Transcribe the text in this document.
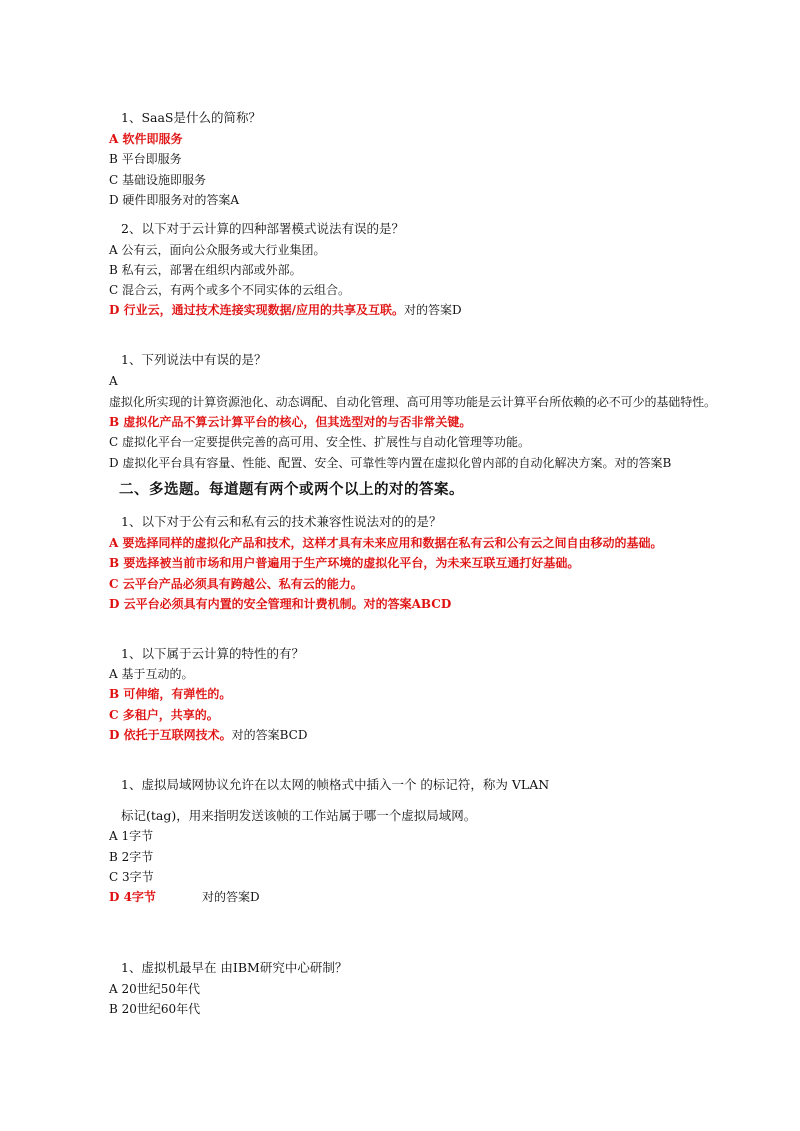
1、SaaS是什么的简称？
A 软件即服务
B 平台即服务
C 基础设施即服务
D 硬件即服务对的答案A
2、以下对于云计算的四种部署模式说法有误的是？
A 公有云，面向公众服务或大行业集团。
B 私有云，部署在组织内部或外部。
C 混合云，有两个或多个不同实体的云组合。
D 行业云，通过技术连接实现数据/应用的共享及互联。对的答案D
1、下列说法中有误的是？
A
虚拟化所实现的计算资源池化、动态调配、自动化管理、高可用等功能是云计算平台所依赖的必不可少的基础特性。
B 虚拟化产品不算云计算平台的核心，但其选型对的与否非常关键。
C 虚拟化平台一定要提供完善的高可用、安全性、扩展性与自动化管理等功能。
D 虚拟化平台具有容量、性能、配置、安全、可靠性等内置在虚拟化曾内部的自动化解决方案。对的答案B
二、多选题。每道题有两个或两个以上的对的答案。
1、以下对于公有云和私有云的技术兼容性说法对的的是？
A 要选择同样的虚拟化产品和技术，这样才具有未来应用和数据在私有云和公有云之间自由移动的基础。
B 要选择被当前市场和用户普遍用于生产环境的虚拟化平台，为未来互联互通打好基础。
C 云平台产品必须具有跨越公、私有云的能力。
D 云平台必须具有内置的安全管理和计费机制。对的答案ABCD
1、以下属于云计算的特性的有？
A 基于互动的。
B 可伸缩，有弹性的。
C 多租户，共享的。
D 依托于互联网技术。对的答案BCD
1、虚拟局域网协议允许在以太网的帧格式中插入一个 的标记符，称为 VLAN
标记(tag)，用来指明发送该帧的工作站属于哪一个虚拟局域网。
A 1字节
B 2字节
C 3字节
D 4字节	对的答案D
1、虚拟机最早在 由IBM研究中心研制？
A 20世纪50年代
B 20世纪60年代
